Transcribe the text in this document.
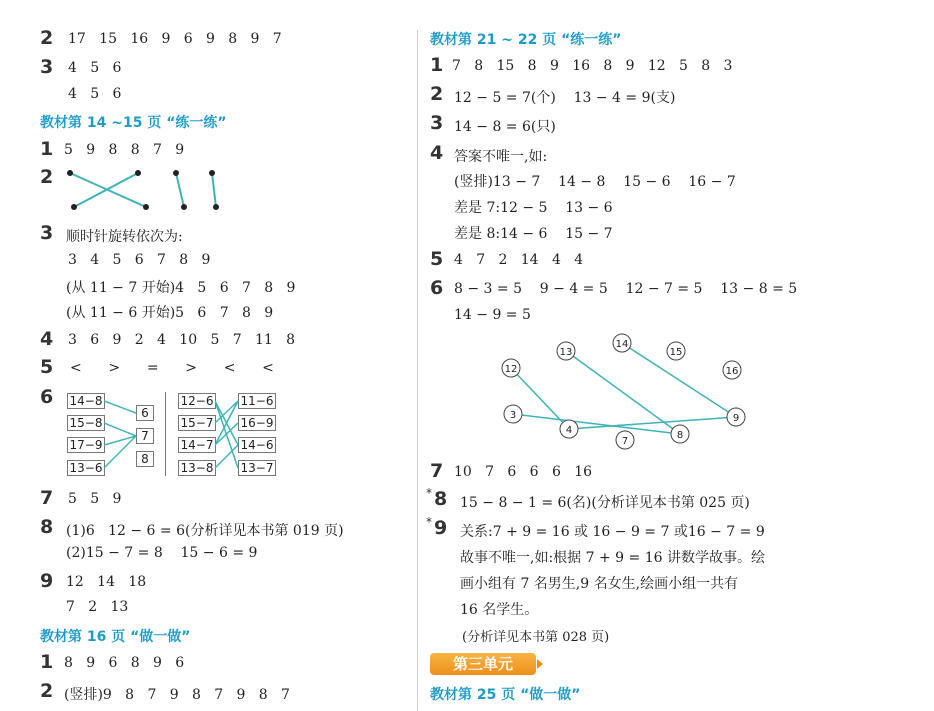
2 17   15   16   9   6   9   8   9   7
3 4   5   6
4   5   6
教材第 14 ~15 页 “练一练”
1 5   9   8   8   7   9
2
3 顺时针旋转依次为:
3   4   5   6   7   8   9
(从 11 − 7 开始)4   5   6   7   8   9
(从 11 − 6 开始)5   6   7   8   9
4 3   6   9   2   4   10   5   7   11   8
5 <      >      =      >      <      <
6 14−8
15−8
17−9
13−6
6
7
8
12−6
15−7
14−7
13−8
11−6
16−9
14−6
13−7
7 5   5   9
8 (1)6   12 − 6 = 6(分析详见本书第 019 页)
(2)15 − 7 = 8    15 − 6 = 9
9 12   14   18
7   2   13
教材第 16 页 “做一做”
1 8   9   6   8   9   6
2 (竖排)9   8   7   9   8   7   9   8   7
教材第 21 ~ 22 页 “练一练”
1 7   8   15   8   9   16   8   9   12   5   8   3
2 12 − 5 = 7(个)    13 − 4 = 9(支)
3 14 − 8 = 6(只)
4 答案不唯一,如:
(竖排)13 − 7    14 − 8    15 − 6    16 − 7
差是 7:12 − 5    13 − 6
差是 8:14 − 6    15 − 7
5 4   7   2   14   4   4
6 8 − 3 = 5    9 − 4 = 5    12 − 7 = 5    13 − 8 = 5
14 − 9 = 5
14
13	15
12	16
3	9
4
7
8
7 10   7   6   6   6   16
* 8 15 − 8 − 1 = 6(名)(分析详见本书第 025 页)
* 9 关系:7 + 9 = 16 或 16 − 9 = 7 或16 − 7 = 9
故事不唯一,如:根据 7 + 9 = 16 讲数学故事。绘
画小组有 7 名男生,9 名女生,绘画小组一共有
16 名学生。
(分析详见本书第 028 页)
第三单元
教材第 25 页 “做一做”
